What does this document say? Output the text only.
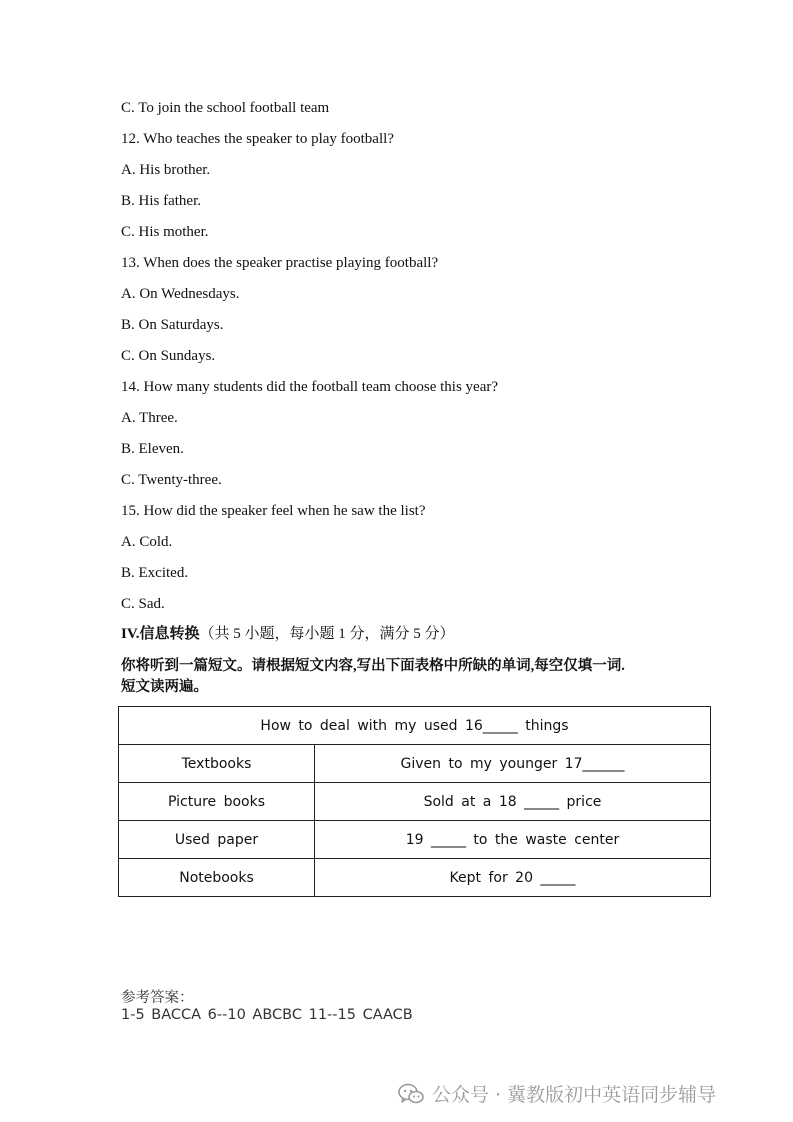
C. To join the school football team
12. Who teaches the speaker to play football?
A. His brother.
B. His father.
C. His mother.
13. When does the speaker practise playing football?
A. On Wednesdays.
B. On Saturdays.
C. On Sundays.
14. How many students did the football team choose this year?
A. Three.
B. Eleven.
C. Twenty-three.
15. How did the speaker feel when he saw the list?
A. Cold.
B. Excited.
C. Sad.
IV.信息转换（共 5 小题，每小题 1 分，满分 5 分）
你将听到一篇短文。请根据短文内容,写出下面表格中所缺的单词,每空仅填一词.
短文读两遍。
How to deal with my used 16_____ things	
Textbooks	Given to my younger 17______
Picture books	Sold at a 18 _____ price
Used paper	19 _____ to the waste center
Notebooks	Kept for 20 _____
参考答案：
1-5 BACCA 6--10 ABCBC 11--15 CAACB
公众号 · 冀教版初中英语同步辅导
